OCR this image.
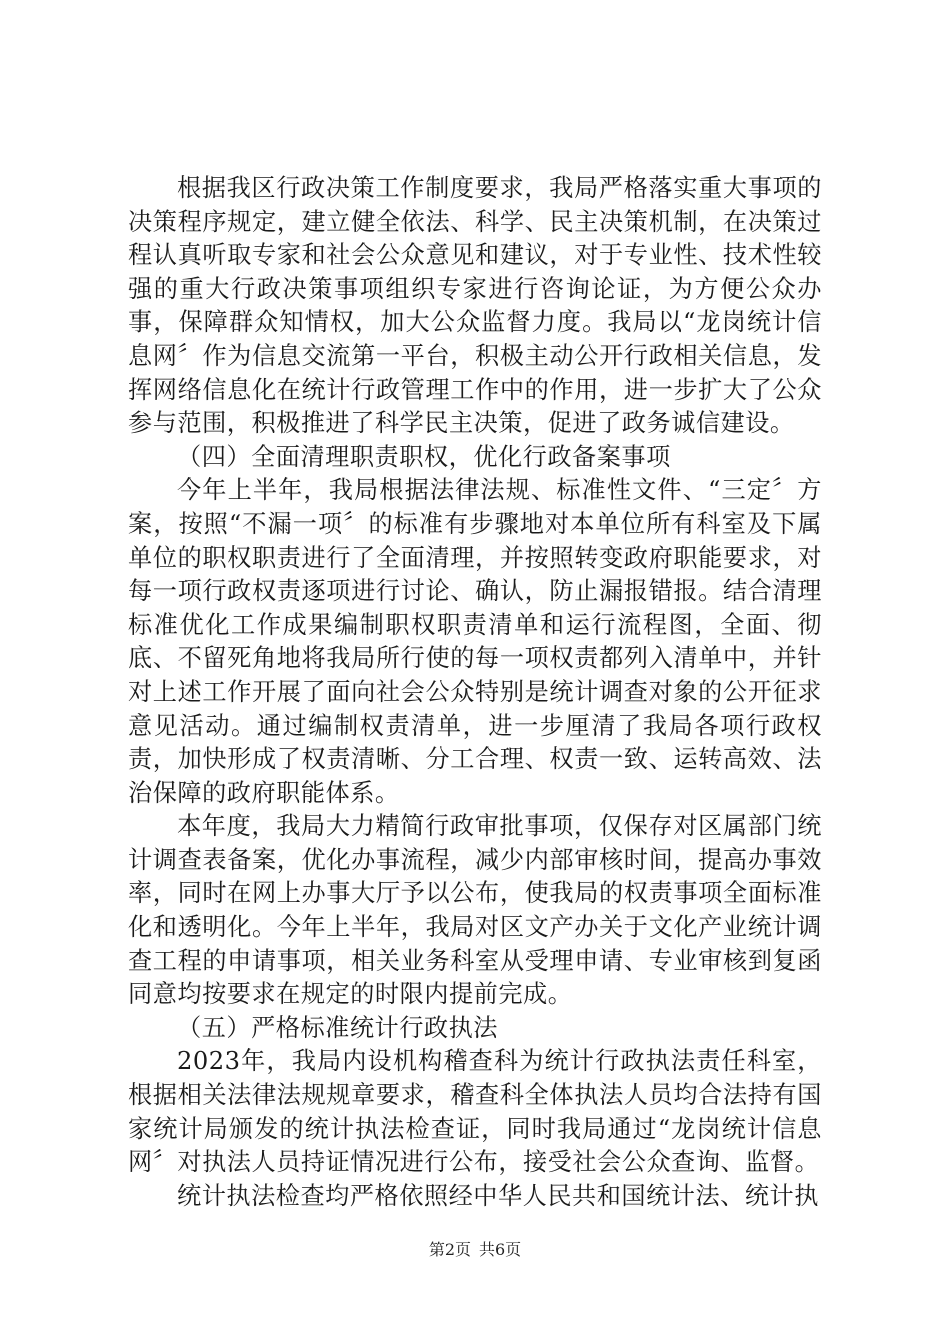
根据我区行政决策工作制度要求，我局严格落实重大事项的决策程序规定，建立健全依法、科学、民主决策机制，在决策过程认真听取专家和社会公众意见和建议，对于专业性、技术性较强的重大行政决策事项组织专家进行咨询论证，为方便公众办事，保障群众知情权，加大公众监督力度。我局以“龙岗统计信息网〞作为信息交流第一平台，积极主动公开行政相关信息，发挥网络信息化在统计行政管理工作中的作用，进一步扩大了公众参与范围，积极推进了科学民主决策，促进了政务诚信建设。

（四）全面清理职责职权，优化行政备案事项

今年上半年，我局根据法律法规、标准性文件、“三定〞方案，按照“不漏一项〞的标准有步骤地对本单位所有科室及下属单位的职权职责进行了全面清理，并按照转变政府职能要求，对每一项行政权责逐项进行讨论、确认，防止漏报错报。结合清理标准优化工作成果编制职权职责清单和运行流程图，全面、彻底、不留死角地将我局所行使的每一项权责都列入清单中，并针对上述工作开展了面向社会公众特别是统计调查对象的公开征求意见活动。通过编制权责清单，进一步厘清了我局各项行政权责，加快形成了权责清晰、分工合理、权责一致、运转高效、法治保障的政府职能体系。

本年度，我局大力精简行政审批事项，仅保存对区属部门统计调查表备案，优化办事流程，减少内部审核时间，提高办事效率，同时在网上办事大厅予以公布，使我局的权责事项全面标准化和透明化。今年上半年，我局对区文产办关于文化产业统计调查工程的申请事项，相关业务科室从受理申请、专业审核到复函同意均按要求在规定的时限内提前完成。

（五）严格标准统计行政执法

2023年，我局内设机构稽查科为统计行政执法责任科室，根据相关法律法规规章要求，稽查科全体执法人员均合法持有国家统计局颁发的统计执法检查证，同时我局通过“龙岗统计信息网〞对执法人员持证情况进行公布，接受社会公众查询、监督。

统计执法检查均严格依照经中华人民共和国统计法、统计执

第2页 共6页
